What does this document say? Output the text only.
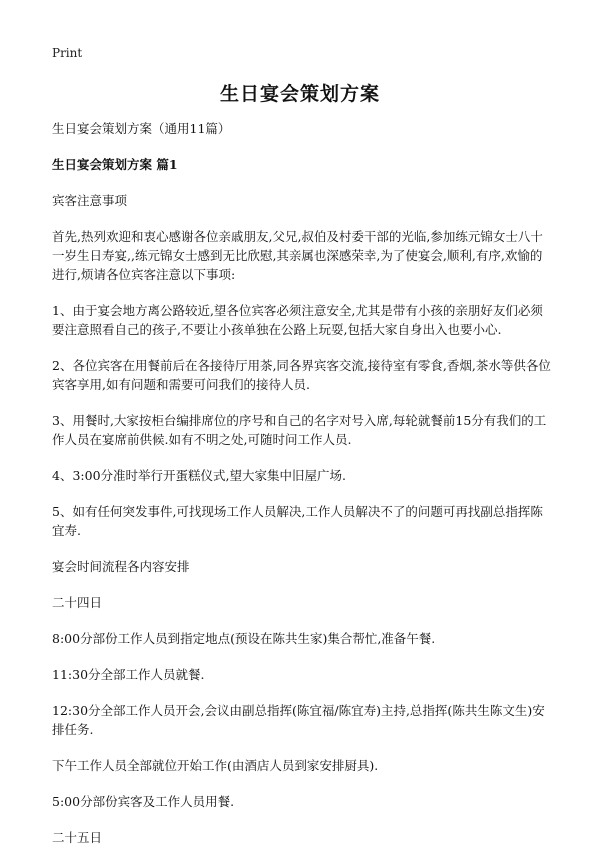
Print
生日宴会策划方案

生日宴会策划方案（通用11篇）

生日宴会策划方案 篇1

宾客注意事项

首先,热列欢迎和衷心感谢各位亲戚朋友,父兄,叔伯及村委干部的光临,参加练元锦女士八十一岁生日寿宴,,练元锦女士感到无比欣慰,其亲属也深感荣幸,为了使宴会,顺利,有序,欢愉的进行,烦请各位宾客注意以下事项:

1、由于宴会地方离公路较近,望各位宾客必须注意安全,尤其是带有小孩的亲朋好友们必须要注意照看自己的孩子,不要让小孩单独在公路上玩耍,包括大家自身出入也要小心.

2、各位宾客在用餐前后在各接待厅用茶,同各界宾客交流,接待室有零食,香烟,茶水等供各位宾客享用,如有问题和需要可问我们的接待人员.

3、用餐时,大家按柜台编排席位的序号和自己的名字对号入席,每轮就餐前15分有我们的工作人员在宴席前供候.如有不明之处,可随时问工作人员.

4、3:00分准时举行开蛋糕仪式,望大家集中旧屋广场.

5、如有任何突发事件,可找现场工作人员解决,工作人员解决不了的问题可再找副总指挥陈宜寿.

宴会时间流程各内容安排

二十四日

8:00分部份工作人员到指定地点(预设在陈共生家)集合帮忙,准备午餐.

11:30分全部工作人员就餐.

12:30分全部工作人员开会,会议由副总指挥(陈宜福/陈宜寿)主持,总指挥(陈共生陈文生)安排任务.

下午工作人员全部就位开始工作(由酒店人员到家安排厨具).

5:00分部份宾客及工作人员用餐.

二十五日
